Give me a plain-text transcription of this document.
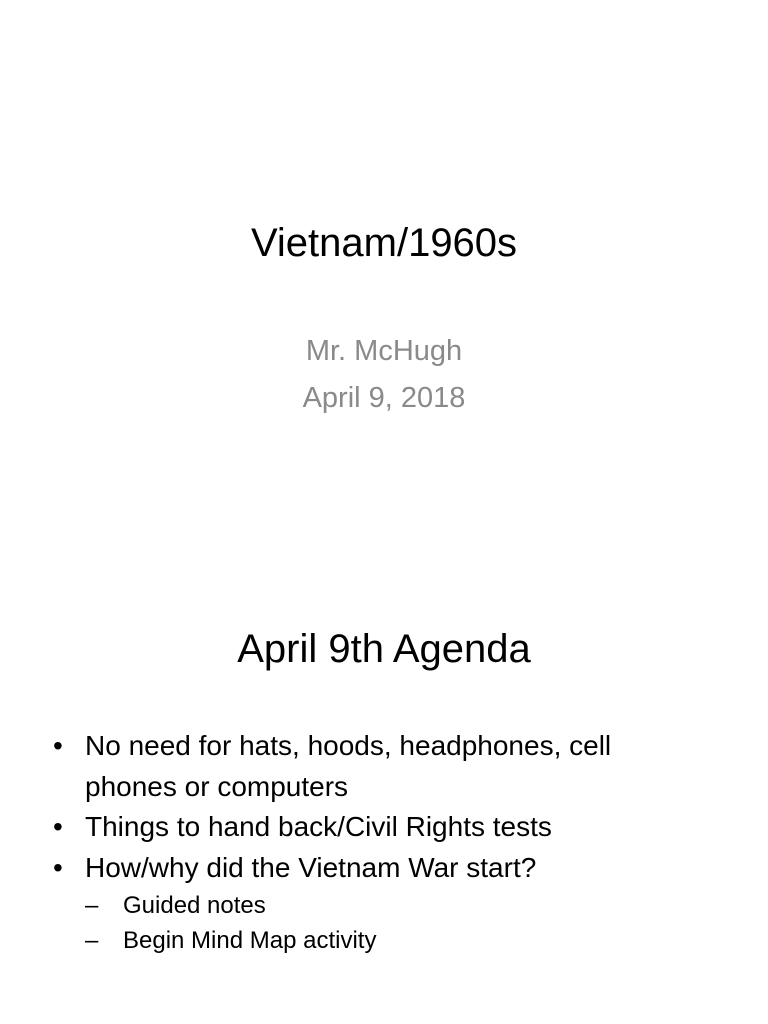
Vietnam/1960s
Mr. McHugh
April 9, 2018
April 9th Agenda
• No need for hats, hoods, headphones, cell phones or computers
• Things to hand back/Civil Rights tests
• How/why did the Vietnam War start?
– Guided notes
– Begin Mind Map activity
